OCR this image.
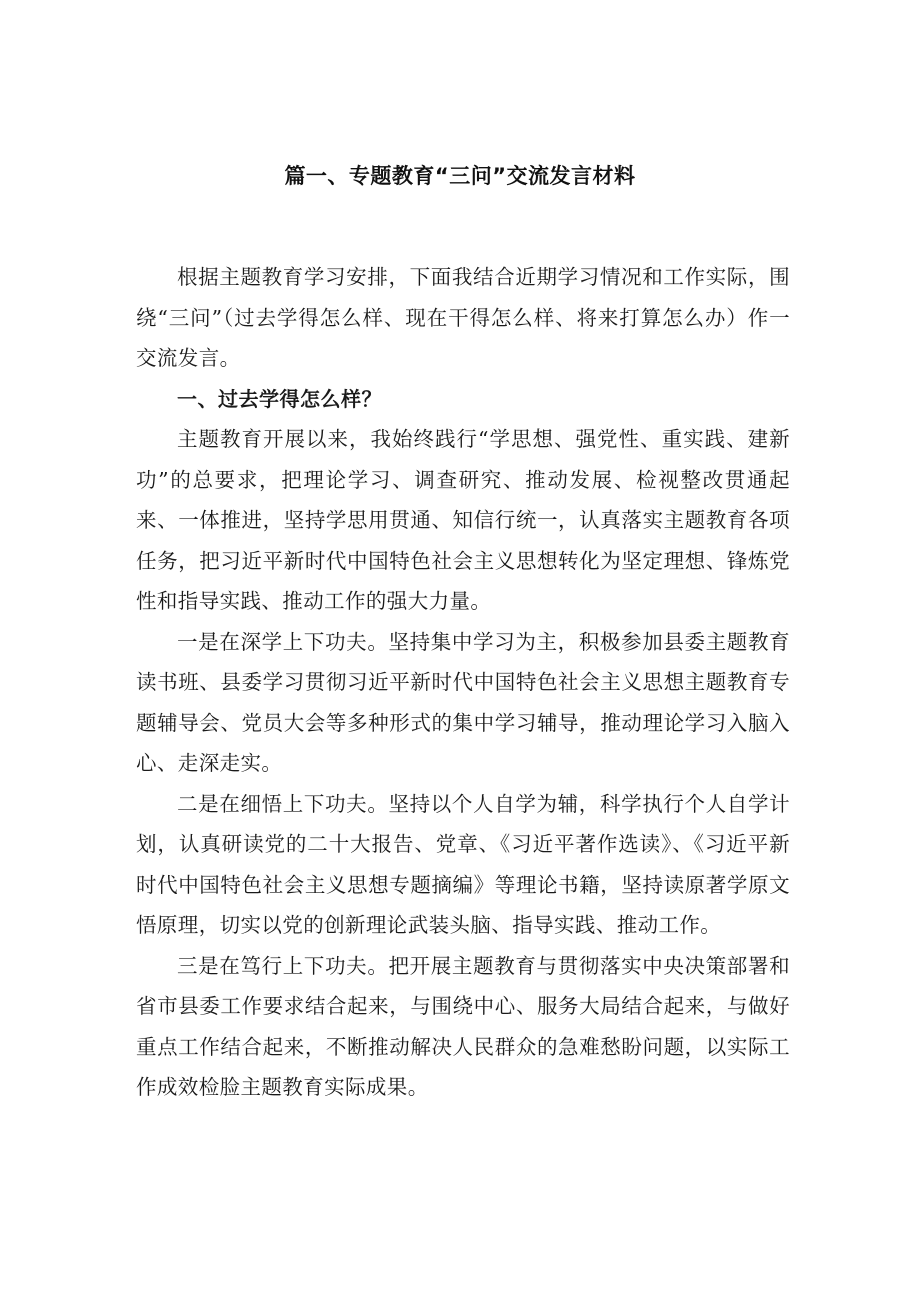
篇一、专题教育“三问”交流发言材料

根据主题教育学习安排，下面我结合近期学习情况和工作实际，围绕“三问”（过去学得怎么样、现在干得怎么样、将来打算怎么办）作一交流发言。

一、过去学得怎么样？

主题教育开展以来，我始终践行“学思想、强党性、重实践、建新功”的总要求，把理论学习、调查研究、推动发展、检视整改贯通起来、一体推进，坚持学思用贯通、知信行统一，认真落实主题教育各项任务，把习近平新时代中国特色社会主义思想转化为坚定理想、锋炼党性和指导实践、推动工作的强大力量。

一是在深学上下功夫。坚持集中学习为主，积极参加县委主题教育读书班、县委学习贯彻习近平新时代中国特色社会主义思想主题教育专题辅导会、党员大会等多种形式的集中学习辅导，推动理论学习入脑入心、走深走实。

二是在细悟上下功夫。坚持以个人自学为辅，科学执行个人自学计划，认真研读党的二十大报告、党章、《习近平著作选读》、《习近平新时代中国特色社会主义思想专题摘编》等理论书籍，坚持读原著学原文悟原理，切实以党的创新理论武装头脑、指导实践、推动工作。

三是在笃行上下功夫。把开展主题教育与贯彻落实中央决策部署和省市县委工作要求结合起来，与围绕中心、服务大局结合起来，与做好重点工作结合起来，不断推动解决人民群众的急难愁盼问题，以实际工作成效检脸主题教育实际成果。
